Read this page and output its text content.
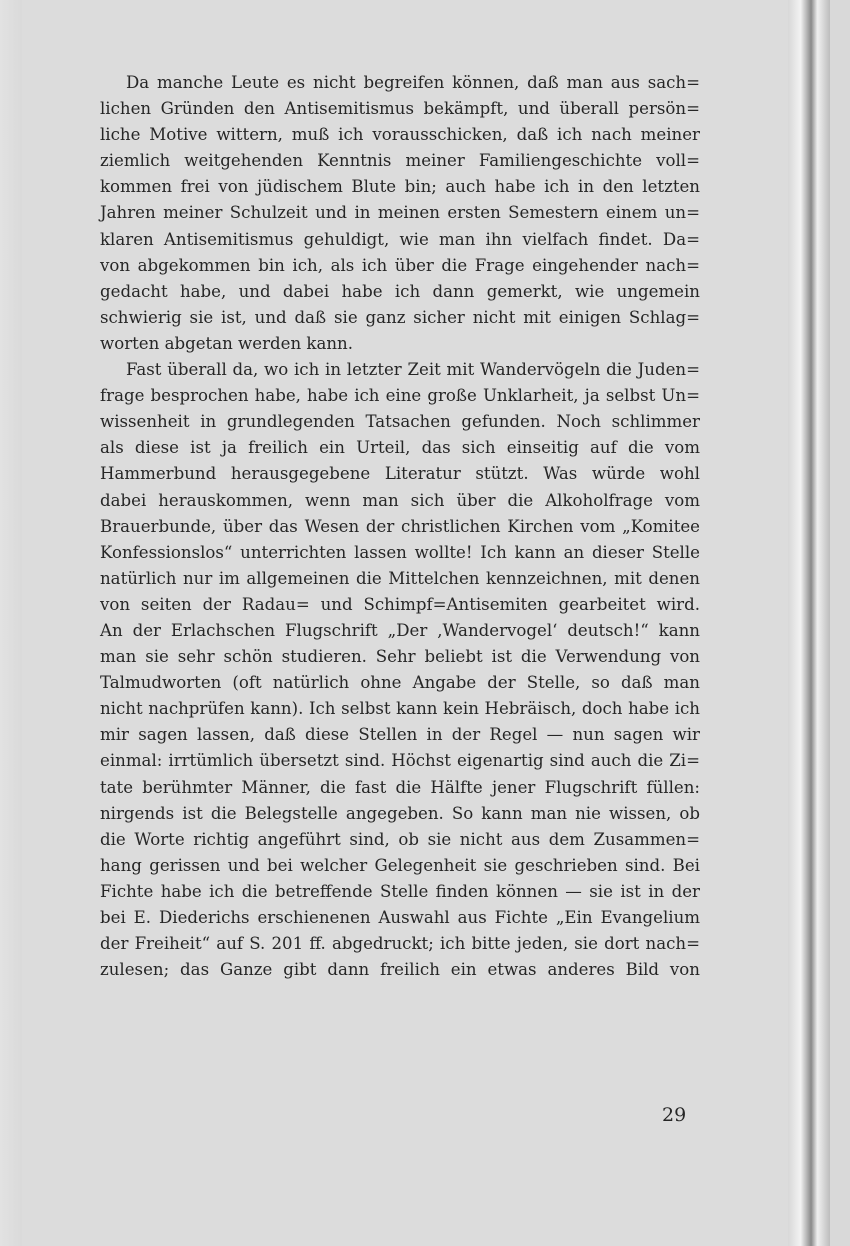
Da manche Leute es nicht begreifen können, daß man aus sach=
lichen Gründen den Antisemitismus bekämpft, und überall persön=
liche Motive wittern, muß ich vorausschicken, daß ich nach meiner
ziemlich weitgehenden Kenntnis meiner Familiengeschichte voll=
kommen frei von jüdischem Blute bin; auch habe ich in den letzten
Jahren meiner Schulzeit und in meinen ersten Semestern einem un=
klaren Antisemitismus gehuldigt, wie man ihn vielfach findet. Da=
von abgekommen bin ich, als ich über die Frage eingehender nach=
gedacht habe, und dabei habe ich dann gemerkt, wie ungemein
schwierig sie ist, und daß sie ganz sicher nicht mit einigen Schlag=
worten abgetan werden kann.
Fast überall da, wo ich in letzter Zeit mit Wandervögeln die Juden=
frage besprochen habe, habe ich eine große Unklarheit, ja selbst Un=
wissenheit in grundlegenden Tatsachen gefunden. Noch schlimmer
als diese ist ja freilich ein Urteil, das sich einseitig auf die vom
Hammerbund herausgegebene Literatur stützt. Was würde wohl
dabei herauskommen, wenn man sich über die Alkoholfrage vom
Brauerbunde, über das Wesen der christlichen Kirchen vom „Komitee
Konfessionslos“ unterrichten lassen wollte! Ich kann an dieser Stelle
natürlich nur im allgemeinen die Mittelchen kennzeichnen, mit denen
von seiten der Radau= und Schimpf=Antisemiten gearbeitet wird.
An der Erlachschen Flugschrift „Der ‚Wandervogel‘ deutsch!“ kann
man sie sehr schön studieren. Sehr beliebt ist die Verwendung von
Talmudworten (oft natürlich ohne Angabe der Stelle, so daß man
nicht nachprüfen kann). Ich selbst kann kein Hebräisch, doch habe ich
mir sagen lassen, daß diese Stellen in der Regel — nun sagen wir
einmal: irrtümlich übersetzt sind. Höchst eigenartig sind auch die Zi=
tate berühmter Männer, die fast die Hälfte jener Flugschrift füllen:
nirgends ist die Belegstelle angegeben. So kann man nie wissen, ob
die Worte richtig angeführt sind, ob sie nicht aus dem Zusammen=
hang gerissen und bei welcher Gelegenheit sie geschrieben sind. Bei
Fichte habe ich die betreffende Stelle finden können — sie ist in der
bei E. Diederichs erschienenen Auswahl aus Fichte „Ein Evangelium
der Freiheit“ auf S. 201 ff. abgedruckt; ich bitte jeden, sie dort nach=
zulesen; das Ganze gibt dann freilich ein etwas anderes Bild von
29
